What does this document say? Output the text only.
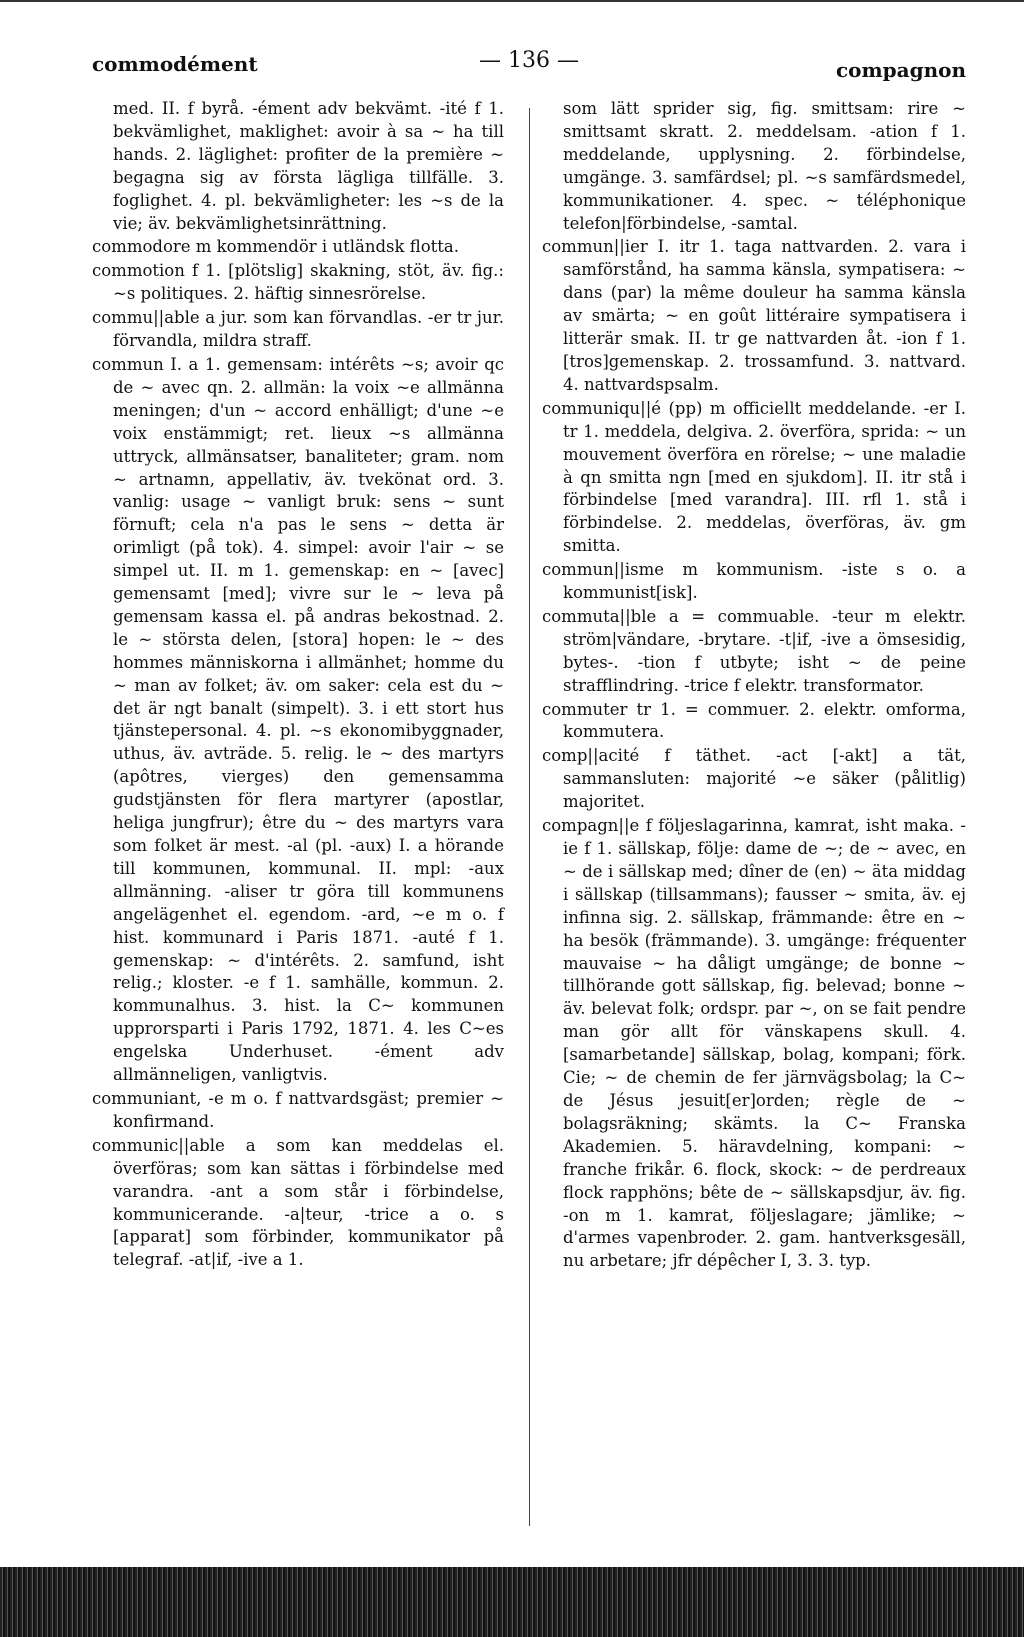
commodément	— 136 —	compagnon

med. II. f byrå. -ément adv bekvämt. -ité f 1. bekvämlighet, maklighet: avoir à sa ~ ha till hands. 2. läglighet: profiter de la première ~ begagna sig av första lägliga tillfälle. 3. foglighet. 4. pl. bekvämligheter: les ~s de la vie; äv. bekvämlighetsinrättning.

commodore m kommendör i utländsk flotta.

commotion f 1. [plötslig] skakning, stöt, äv. fig.: ~s politiques. 2. häftig sinnesrörelse.

commu||able a jur. som kan förvandlas. -er tr jur. förvandla, mildra straff.

commun I. a 1. gemensam: intérêts ~s; avoir qc de ~ avec qn. 2. allmän: la voix ~e allmänna meningen; d'un ~ accord enhälligt; d'une ~e voix enstämmigt; ret. lieux ~s allmänna uttryck, allmänsatser, banaliteter; gram. nom ~ artnamn, appellativ, äv. tvekönat ord. 3. vanlig: usage ~ vanligt bruk: sens ~ sunt förnuft; cela n'a pas le sens ~ detta är orimligt (på tok). 4. simpel: avoir l'air ~ se simpel ut. II. m 1. gemenskap: en ~ [avec] gemensamt [med]; vivre sur le ~ leva på gemensam kassa el. på andras bekostnad. 2. le ~ största delen, [stora] hopen: le ~ des hommes människorna i allmänhet; homme du ~ man av folket; äv. om saker: cela est du ~ det är ngt banalt (simpelt). 3. i ett stort hus tjänstepersonal. 4. pl. ~s ekonomibyggnader, uthus, äv. avträde. 5. relig. le ~ des martyrs (apôtres, vierges) den gemensamma gudstjänsten för flera martyrer (apostlar, heliga jungfrur); être du ~ des martyrs vara som folket är mest. -al (pl. -aux) I. a hörande till kommunen, kommunal. II. mpl: -aux allmänning. -aliser tr göra till kommunens angelägenhet el. egendom. -ard, ~e m o. f hist. kommunard i Paris 1871. -auté f 1. gemenskap: ~ d'intérêts. 2. samfund, isht relig.; kloster. -e f 1. samhälle, kommun. 2. kommunalhus. 3. hist. la C~ kommunen upprorsparti i Paris 1792, 1871. 4. les C~es engelska Underhuset. -ément adv allmänneligen, vanligtvis.

communiant, -e m o. f nattvardsgäst; premier ~ konfirmand.

communic||able a som kan meddelas el. överföras; som kan sättas i förbindelse med varandra. -ant a som står i förbindelse, kommunicerande. -a|teur, -trice a o. s [apparat] som förbinder, kommunikator på telegraf. -at|if, -ive a 1.

som lätt sprider sig, fig. smittsam: rire ~ smittsamt skratt. 2. meddelsam. -ation f 1. meddelande, upplysning. 2. förbindelse, umgänge. 3. samfärdsel; pl. ~s samfärdsmedel, kommunikationer. 4. spec. ~ téléphonique telefon|förbindelse, -samtal.

commun||ier I. itr 1. taga nattvarden. 2. vara i samförstånd, ha samma känsla, sympatisera: ~ dans (par) la même douleur ha samma känsla av smärta; ~ en goût littéraire sympatisera i litterär smak. II. tr ge nattvarden åt. -ion f 1. [tros]gemenskap. 2. trossamfund. 3. nattvard. 4. nattvardspsalm.

communiqu||é (pp) m officiellt meddelande. -er I. tr 1. meddela, delgiva. 2. överföra, sprida: ~ un mouvement överföra en rörelse; ~ une maladie à qn smitta ngn [med en sjukdom]. II. itr stå i förbindelse [med varandra]. III. rfl 1. stå i förbindelse. 2. meddelas, överföras, äv. gm smitta.

commun||isme m kommunism. -iste s o. a kommunist[isk].

commuta||ble a = commuable. -teur m elektr. ström|vändare, -brytare. -t|if, -ive a ömsesidig, bytes-. -tion f utbyte; isht ~ de peine strafflindring. -trice f elektr. transformator.

commuter tr 1. = commuer. 2. elektr. omforma, kommutera.

comp||acité f täthet. -act [-akt] a tät, sammansluten: majorité ~e säker (pålitlig) majoritet.

compagn||e f följeslagarinna, kamrat, isht maka. -ie f 1. sällskap, följe: dame de ~; de ~ avec, en ~ de i sällskap med; dîner de (en) ~ äta middag i sällskap (tillsammans); fausser ~ smita, äv. ej infinna sig. 2. sällskap, främmande: être en ~ ha besök (främmande). 3. umgänge: fréquenter mauvaise ~ ha dåligt umgänge; de bonne ~ tillhörande gott sällskap, fig. belevad; bonne ~ äv. belevat folk; ordspr. par ~, on se fait pendre man gör allt för vänskapens skull. 4. [samarbetande] sällskap, bolag, kompani; förk. Cie; ~ de chemin de fer järnvägsbolag; la C~ de Jésus jesuit[er]orden; règle de ~ bolagsräkning; skämts. la C~ Franska Akademien. 5. häravdelning, kompani: ~ franche frikår. 6. flock, skock: ~ de perdreaux flock rapphöns; bête de ~ sällskapsdjur, äv. fig. -on m 1. kamrat, följeslagare; jämlike; ~ d'armes vapenbroder. 2. gam. hantverksgesäll, nu arbetare; jfr dépêcher I, 3. 3. typ.
